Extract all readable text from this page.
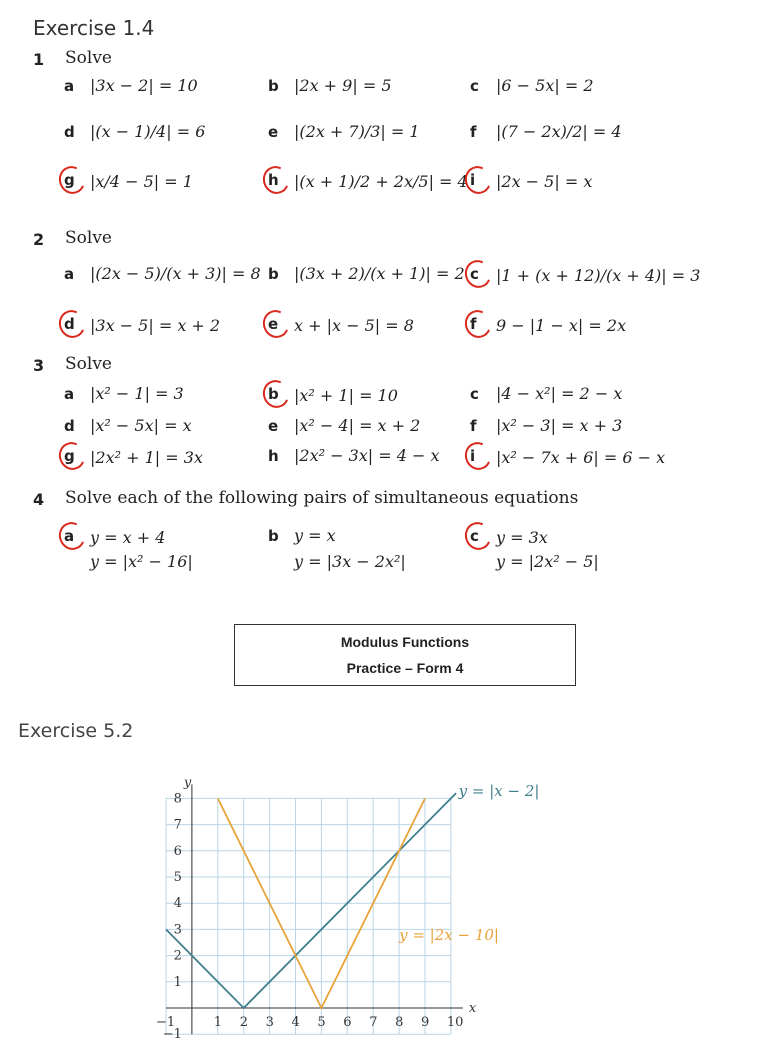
Exercise 1.4
1 Solve
a |3x − 2| = 10	b |2x + 9| = 5	c	|6 − 5x| = 2
d |(x − 1)/4| = 6	e |(2x + 7)/3| = 1	f	|(7 − 2x)/2| = 4
g |x/4 − 5| = 1	h |(x + 1)/2 + 2x/5| = 4 i	|2x − 5| = x
2 Solve
a |(2x − 5)/(x + 3)| = 8 b |(3x + 2)/(x + 1)| = 2 c	|1 + (x + 12)/(x + 4)| = 3
d |3x − 5| = x + 2	e x + |x − 5| = 8	f	9 − |1 − x| = 2x
3 Solve
a |x² − 1| = 3	b |x² + 1| = 10	c	|4 − x²| = 2 − x
d |x² − 5x| = x	e |x² − 4| = x + 2	f	|x² − 3| = x + 3
g |2x² + 1| = 3x	h |2x² − 3x| = 4 − x i	|x² − 7x + 6| = 6 − x
4 Solve each of the following pairs of simultaneous equations
a y = x + 4
y = |x² − 16|
b y = x
y = |3x − 2x²|
c	y = 3x
y = |2x² − 5|
Modulus Functions
Practice – Form 4
Exercise 5.2
−1	1 2 3 4 5 6 7 8 9 10
−1
1
2
3
4
5
6
7
8
x
y	y = |x − 2|
y = |2x − 10|
